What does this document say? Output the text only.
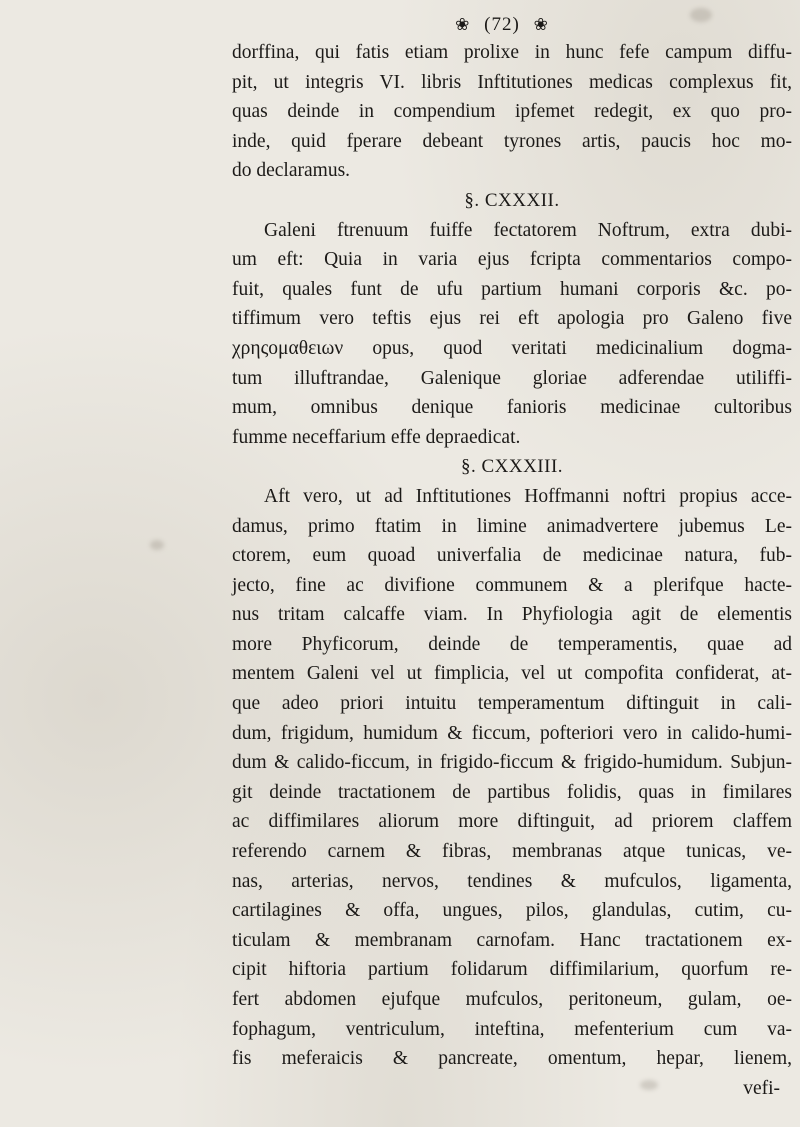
❀ (72) ❀
dorffina, qui fatis etiam prolixe in hunc fefe campum diffu-
pit, ut integris VI. libris Inftitutiones medicas complexus fit,
quas deinde in compendium ipfemet redegit, ex quo pro-
inde, quid fperare debeant tyrones artis, paucis hoc mo-
do declaramus.
§. CXXXII.
Galeni ftrenuum fuiffe fectatorem Noftrum, extra dubi-
um eft: Quia in varia ejus fcripta commentarios compo-
fuit, quales funt de ufu partium humani corporis &c. po-
tiffimum vero teftis ejus rei eft apologia pro Galeno five
χρηςομαθειων opus, quod veritati medicinalium dogma-
tum illuftrandae, Galenique gloriae adferendae utiliffi-
mum, omnibus denique fanioris medicinae cultoribus
fumme neceffarium effe depraedicat.
§. CXXXIII.
Aft vero, ut ad Inftitutiones Hoffmanni noftri propius acce-
damus, primo ftatim in limine animadvertere jubemus Le-
ctorem, eum quoad univerfalia de medicinae natura, fub-
jecto, fine ac divifione communem & a plerifque hacte-
nus tritam calcaffe viam. In Phyfiologia agit de elementis
more Phyficorum, deinde de temperamentis, quae ad
mentem Galeni vel ut fimplicia, vel ut compofita confiderat, at-
que adeo priori intuitu temperamentum diftinguit in cali-
dum, frigidum, humidum & ficcum, pofteriori vero in calido-humi-
dum & calido-ficcum, in frigido-ficcum & frigido-humidum. Subjun-
git deinde tractationem de partibus folidis, quas in fimilares
ac diffimilares aliorum more diftinguit, ad priorem claffem
referendo carnem & fibras, membranas atque tunicas, ve-
nas, arterias, nervos, tendines & mufculos, ligamenta,
cartilagines & offa, ungues, pilos, glandulas, cutim, cu-
ticulam & membranam carnofam. Hanc tractationem ex-
cipit hiftoria partium folidarum diffimilarium, quorfum re-
fert abdomen ejufque mufculos, peritoneum, gulam, oe-
fophagum, ventriculum, inteftina, mefenterium cum va-
fis meferaicis & pancreate, omentum, hepar, lienem,
vefi-
